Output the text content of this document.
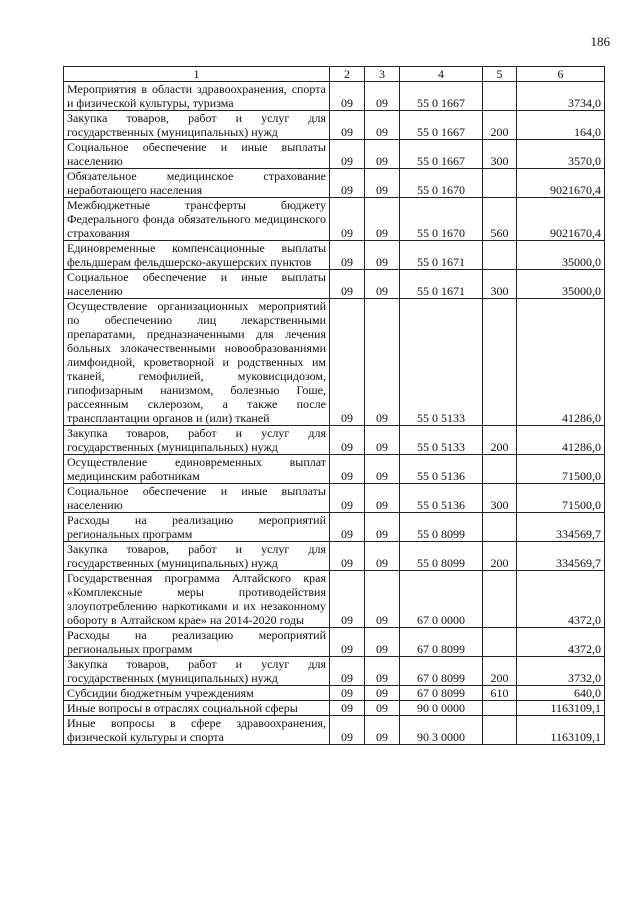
186
1	2	3	4	5	6
Мероприятия в области здравоохранения, спорта и физической культуры, туризма	09	09	55 0 1667		3734,0
Закупка товаров, работ и услуг для государственных (муниципальных) нужд	09	09	55 0 1667	200	164,0
Социальное обеспечение и иные выплаты населению	09	09	55 0 1667	300	3570,0
Обязательное медицинское страхование неработающего населения	09	09	55 0 1670		9021670,4
Межбюджетные трансферты бюджету Федерального фонда обязательного медицинского страхования	09	09	55 0 1670	560	9021670,4
Единовременные компенсационные выплаты фельдшерам фельдшерско-акушерских пунктов	09	09	55 0 1671		35000,0
Социальное обеспечение и иные выплаты населению	09	09	55 0 1671	300	35000,0
Осуществление организационных мероприятий по обеспечению лиц лекарственными препаратами, предназначенными для лечения больных злокачественными новообразованиями лимфоидной, кроветворной и родственных им тканей, гемофилией, муковисцидозом, гипофизарным нанизмом, болезнью Гоше, рассеянным склерозом, а также после трансплантации органов и (или) тканей	09	09	55 0 5133		41286,0
Закупка товаров, работ и услуг для государственных (муниципальных) нужд	09	09	55 0 5133	200	41286,0
Осуществление единовременных выплат медицинским работникам	09	09	55 0 5136		71500,0
Социальное обеспечение и иные выплаты населению	09	09	55 0 5136	300	71500,0
Расходы на реализацию мероприятий региональных программ	09	09	55 0 8099		334569,7
Закупка товаров, работ и услуг для государственных (муниципальных) нужд	09	09	55 0 8099	200	334569,7
Государственная программа Алтайского края «Комплексные меры противодействия злоупотреблению наркотиками и их незаконному обороту в Алтайском крае» на 2014-2020 годы	09	09	67 0 0000		4372,0
Расходы на реализацию мероприятий региональных программ	09	09	67 0 8099		4372,0
Закупка товаров, работ и услуг для государственных (муниципальных) нужд	09	09	67 0 8099	200	3732,0
Субсидии бюджетным учреждениям	09	09	67 0 8099	610	640,0
Иные вопросы в отраслях социальной сферы	09	09	90 0 0000		1163109,1
Иные вопросы в сфере здравоохранения, физической культуры и спорта	09	09	90 3 0000		1163109,1
